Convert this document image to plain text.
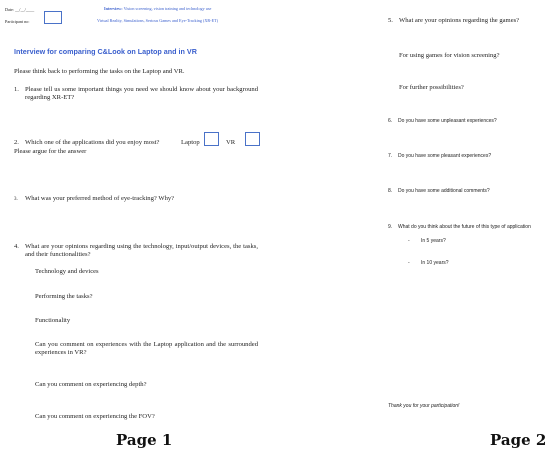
Date: __/__/____
Participant no:
Interview: Vision screening, vision training and technology use
Virtual Reality, Simulations, Serious Games and Eye-Tracking (XR-ET)
Interview for comparing C&Look on Laptop and in VR
Please think back to performing the tasks on the Laptop and VR.
1. Please tell us some important things you need we should know about your background regarding XR-ET?
2. Which one of the applications did you enjoy most?	Laptop	VR
Please argue for the answer
3. What was your preferred method of eye-tracking? Why?
4. What are your opinions regarding using the technology, input/output devices, the tasks, and their functionalities?
Technology and devices
Performing the tasks?
Functionality
Can you comment on experiences with the Laptop application and the surrounded experiences in VR?
Can you comment on experiencing depth?
Can you comment on experiencing the FOV?
Page 1
5. What are your opinions regarding the games?
For using games for vision screening?
For further possibilities?
6. Do you have some unpleasant experiences?
7. Do you have some pleasant experiences?
8. Do you have some additional comments?
9. What do you think about the future of this type of application
- In 5 years?
- In 10 years?
Thank you for your participation!
Page 2
